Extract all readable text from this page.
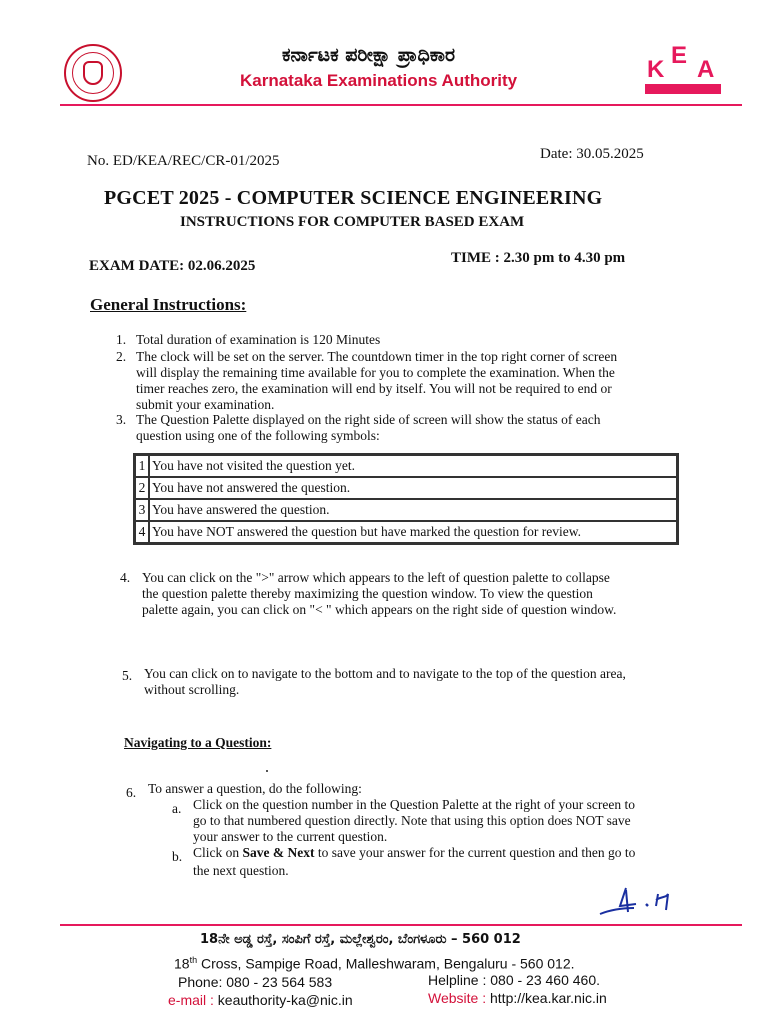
ಕರ್ನಾಟಕ ಪರೀಕ್ಷಾ ಪ್ರಾಧಿಕಾರ
Karnataka Examinations Authority	K
E
A
No. ED/KEA/REC/CR-01/2025	Date: 30.05.2025
PGCET 2025 - COMPUTER SCIENCE ENGINEERING
INSTRUCTIONS FOR COMPUTER BASED EXAM
EXAM DATE: 02.06.2025	TIME : 2.30 pm to 4.30 pm
General Instructions:
1. Total duration of examination is 120 Minutes
2. The clock will be set on the server. The countdown timer in the top right corner of screen
will display the remaining time available for you to complete the examination. When the
timer reaches zero, the examination will end by itself. You will not be required to end or
submit your examination.
3. The Question Palette displayed on the right side of screen will show the status of each
question using one of the following symbols:
1	You have not visited the question yet.
2	You have not answered the question.
3	You have answered the question.
4	You have NOT answered the question but have marked the question for review.
4. You can click on the ">" arrow which appears to the left of question palette to collapse
the question palette thereby maximizing the question window. To view the question
palette again, you can click on "< " which appears on the right side of question window.
5. You can click on to navigate to the bottom and to navigate to the top of the question area,
without scrolling.
Navigating to a Question:
6. To answer a question, do the following:
a. Click on the question number in the Question Palette at the right of your screen to
go to that numbered question directly. Note that using this option does NOT save
your answer to the current question.
b. Click on Save & Next to save your answer for the current question and then go to
the next question.
18ನೇ ಅಡ್ಡ ರಸ್ತೆ, ಸಂಪಿಗೆ ರಸ್ತೆ, ಮಲ್ಲೇಶ್ವರಂ, ಬೆಂಗಳೂರು – 560 012
18th Cross, Sampige Road, Malleshwaram, Bengaluru - 560 012.
Phone: 080 - 23 564 583	Helpline : 080 - 23 460 460.
e-mail : keauthority-ka@nic.in	Website : http://kea.kar.nic.in
